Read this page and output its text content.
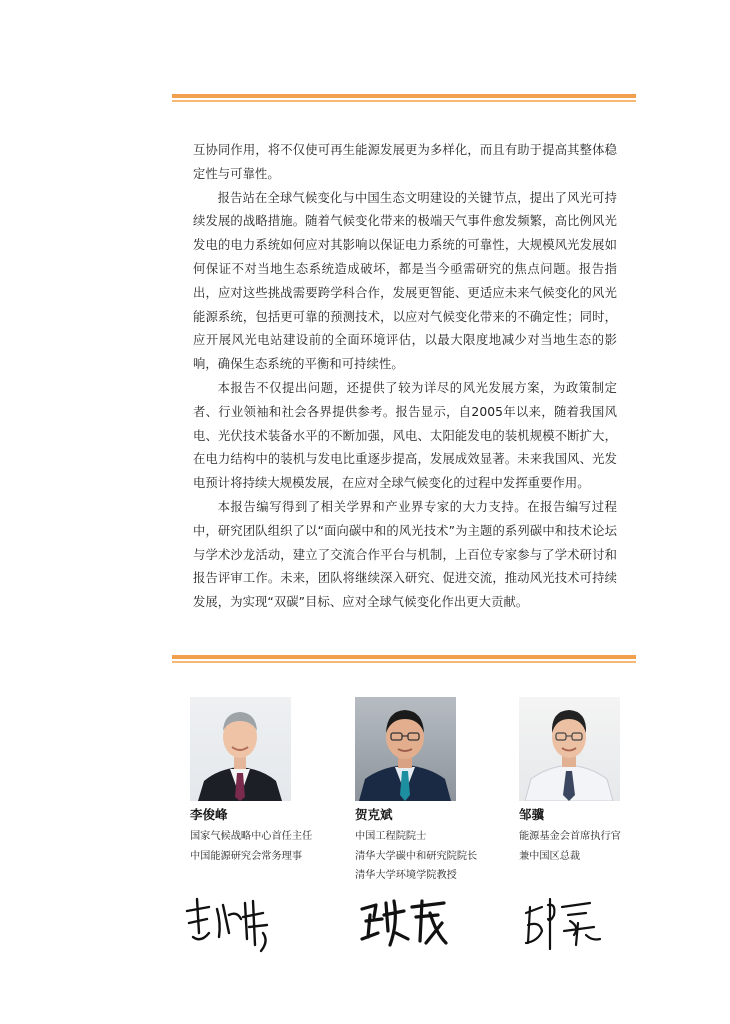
互协同作用，将不仅使可再生能源发展更为多样化，而且有助于提高其整体稳定性与可靠性。

报告站在全球气候变化与中国生态文明建设的关键节点，提出了风光可持续发展的战略措施。随着气候变化带来的极端天气事件愈发频繁，高比例风光发电的电力系统如何应对其影响以保证电力系统的可靠性，大规模风光发展如何保证不对当地生态系统造成破坏，都是当今亟需研究的焦点问题。报告指出，应对这些挑战需要跨学科合作，发展更智能、更适应未来气候变化的风光能源系统，包括更可靠的预测技术，以应对气候变化带来的不确定性；同时，应开展风光电站建设前的全面环境评估，以最大限度地减少对当地生态的影响，确保生态系统的平衡和可持续性。

本报告不仅提出问题，还提供了较为详尽的风光发展方案，为政策制定者、行业领袖和社会各界提供参考。报告显示，自2005年以来，随着我国风电、光伏技术装备水平的不断加强，风电、太阳能发电的装机规模不断扩大，在电力结构中的装机与发电比重逐步提高，发展成效显著。未来我国风、光发电预计将持续大规模发展，在应对全球气候变化的过程中发挥重要作用。

本报告编写得到了相关学界和产业界专家的大力支持。在报告编写过程中，研究团队组织了以“面向碳中和的风光技术”为主题的系列碳中和技术论坛与学术沙龙活动，建立了交流合作平台与机制，上百位专家参与了学术研讨和报告评审工作。未来，团队将继续深入研究、促进交流，推动风光技术可持续发展，为实现“双碳”目标、应对全球气候变化作出更大贡献。

李俊峰
国家气候战略中心首任主任
中国能源研究会常务理事
贺克斌
中国工程院院士
清华大学碳中和研究院院长
清华大学环境学院教授
邹骥
能源基金会首席执行官
兼中国区总裁
